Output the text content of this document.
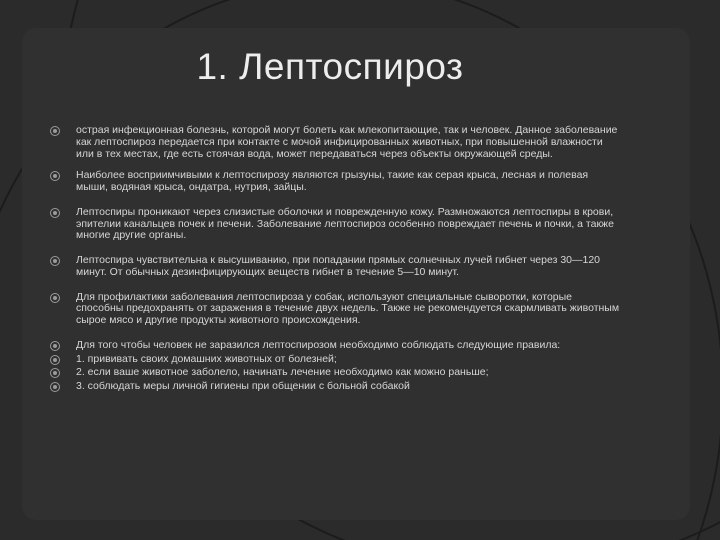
1. Лептоспироз
острая инфекционная болезнь, которой могут болеть как млекопитающие, так и человек. Данное заболевание как лептоспироз передается при контакте с мочой инфицированных животных, при повышенной влажности или в тех местах, где есть стоячая вода, может передаваться через объекты окружающей среды.
Наиболее восприимчивыми к лептоспирозу являются грызуны, такие как серая крыса, лесная и полевая мыши, водяная крыса, ондатра, нутрия, зайцы.
Лептоспиры проникают через слизистые оболочки и поврежденную кожу. Размножаются лептоспиры в крови, эпителии канальцев почек и печени. Заболевание лептоспироз особенно повреждает печень и почки, а также многие другие органы.
Лептоспира чувствительна к высушиванию, при попадании прямых солнечных лучей гибнет через 30—120 минут. От обычных дезинфицирующих веществ гибнет в течение 5—10 минут.
Для профилактики заболевания лептоспироза у собак, используют специальные сыворотки, которые способны предохранять от заражения в течение двух недель. Также не рекомендуется скармливать животным сырое мясо и другие продукты животного происхождения.
Для того чтобы человек не заразился лептоспирозом необходимо соблюдать следующие правила:
1. прививать своих домашних животных от болезней;
2. если ваше животное заболело, начинать лечение необходимо как можно раньше;
3. соблюдать меры личной гигиены при общении с больной собакой
